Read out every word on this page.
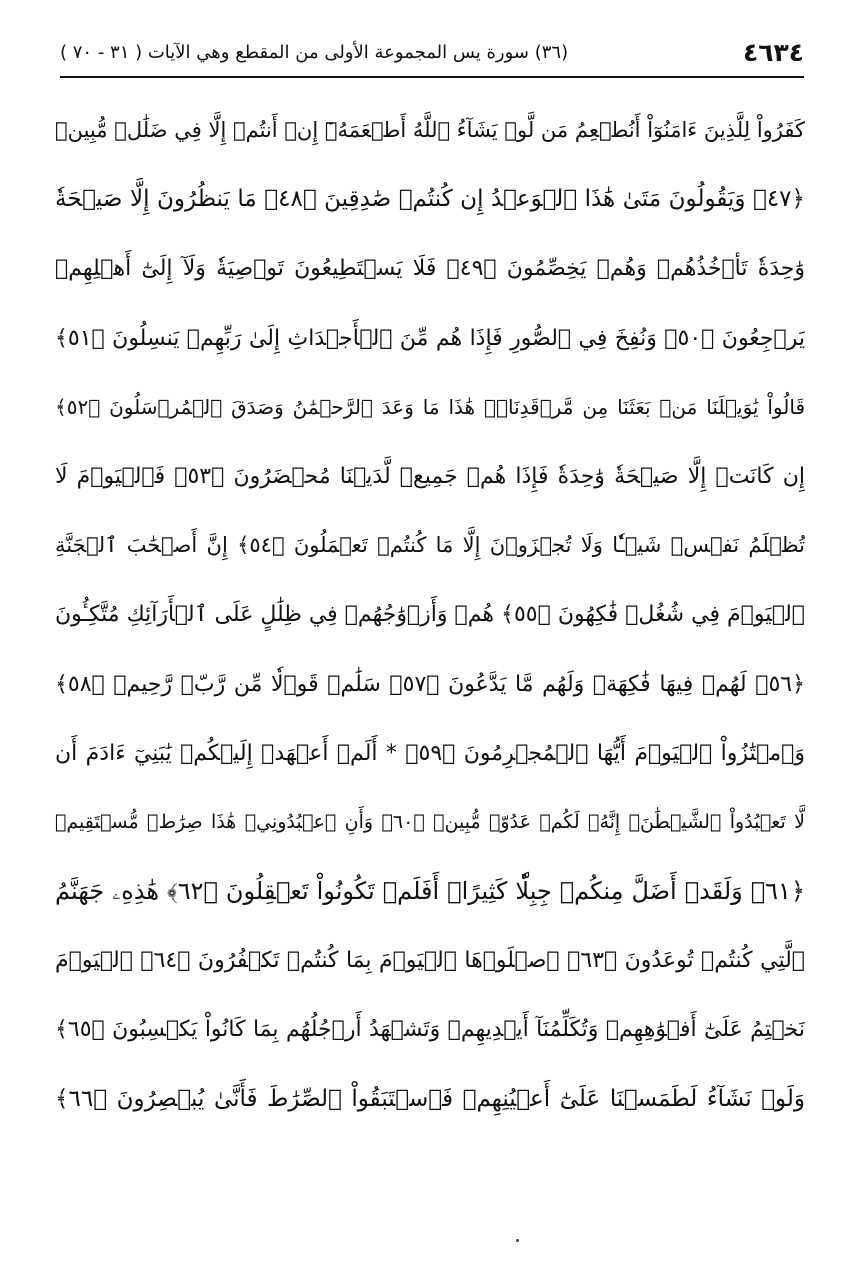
٤٦٣٤
(٣٦) سورة يس المجموعة الأولى من المقطع وهي الآيات ( ٣١ - ٧٠ )
كَفَرُواْ لِلَّذِينَ ءَامَنُوٓاْ أَنُطۡعِمُ مَن لَّوۡ يَشَآءُ ٱللَّهُ أَطۡعَمَهُۥٓ إِنۡ أَنتُمۡ إِلَّا فِي ضَلَٰلٖ مُّبِينٖ
﴿٤٧﴾ وَيَقُولُونَ مَتَىٰ هَٰذَا ٱلۡوَعۡدُ إِن كُنتُمۡ صَٰدِقِينَ ﴿٤٨﴾ مَا يَنظُرُونَ إِلَّا صَيۡحَةٗ
وَٰحِدَةٗ تَأۡخُذُهُمۡ وَهُمۡ يَخِصِّمُونَ ﴿٤٩﴾ فَلَا يَسۡتَطِيعُونَ تَوۡصِيَةٗ وَلَآ إِلَىٰٓ أَهۡلِهِمۡ
يَرۡجِعُونَ ﴿٥٠﴾ وَنُفِخَ فِي ٱلصُّورِ فَإِذَا هُم مِّنَ ٱلۡأَجۡدَاثِ إِلَىٰ رَبِّهِمۡ يَنسِلُونَ ﴿٥١﴾
قَالُواْ يَٰوَيۡلَنَا مَنۢ بَعَثَنَا مِن مَّرۡقَدِنَاۗۜ هَٰذَا مَا وَعَدَ ٱلرَّحۡمَٰنُ وَصَدَقَ ٱلۡمُرۡسَلُونَ ﴿٥٢﴾
إِن كَانَتۡ إِلَّا صَيۡحَةٗ وَٰحِدَةٗ فَإِذَا هُمۡ جَمِيعٞ لَّدَيۡنَا مُحۡضَرُونَ ﴿٥٣﴾ فَٱلۡيَوۡمَ لَا
تُظۡلَمُ نَفۡسٞ شَيۡـٔٗا وَلَا تُجۡزَوۡنَ إِلَّا مَا كُنتُمۡ تَعۡمَلُونَ ﴿٥٤﴾ إِنَّ أَصۡحَٰبَ ٱلۡجَنَّةِ
ٱلۡيَوۡمَ فِي شُغُلٖ فَٰكِهُونَ ﴿٥٥﴾ هُمۡ وَأَزۡوَٰجُهُمۡ فِي ظِلَٰلٍ عَلَى ٱلۡأَرَآئِكِ مُتَّكِـُٔونَ
﴿٥٦﴾ لَهُمۡ فِيهَا فَٰكِهَةٞ وَلَهُم مَّا يَدَّعُونَ ﴿٥٧﴾ سَلَٰمٞ قَوۡلٗا مِّن رَّبّٖ رَّحِيمٖ ﴿٥٨﴾
وَٱمۡتَٰزُواْ ٱلۡيَوۡمَ أَيُّهَا ٱلۡمُجۡرِمُونَ ﴿٥٩﴾ * أَلَمۡ أَعۡهَدۡ إِلَيۡكُمۡ يَٰبَنِيٓ ءَادَمَ أَن
لَّا تَعۡبُدُواْ ٱلشَّيۡطَٰنَۖ إِنَّهُۥ لَكُمۡ عَدُوّٞ مُّبِينٞ ﴿٦٠﴾ وَأَنِ ٱعۡبُدُونِيۚ هَٰذَا صِرَٰطٞ مُّسۡتَقِيمٞ
﴿٦١﴾ وَلَقَدۡ أَضَلَّ مِنكُمۡ جِبِلّٗا كَثِيرًاۖ أَفَلَمۡ تَكُونُواْ تَعۡقِلُونَ ﴿٦٢﴾ هَٰذِهِۦ جَهَنَّمُ
ٱلَّتِي كُنتُمۡ تُوعَدُونَ ﴿٦٣﴾ ٱصۡلَوۡهَا ٱلۡيَوۡمَ بِمَا كُنتُمۡ تَكۡفُرُونَ ﴿٦٤﴾ ٱلۡيَوۡمَ
نَخۡتِمُ عَلَىٰٓ أَفۡوَٰهِهِمۡ وَتُكَلِّمُنَآ أَيۡدِيهِمۡ وَتَشۡهَدُ أَرۡجُلُهُم بِمَا كَانُواْ يَكۡسِبُونَ ﴿٦٥﴾
وَلَوۡ نَشَآءُ لَطَمَسۡنَا عَلَىٰٓ أَعۡيُنِهِمۡ فَٱسۡتَبَقُواْ ٱلصِّرَٰطَ فَأَنَّىٰ يُبۡصِرُونَ ﴿٦٦﴾
